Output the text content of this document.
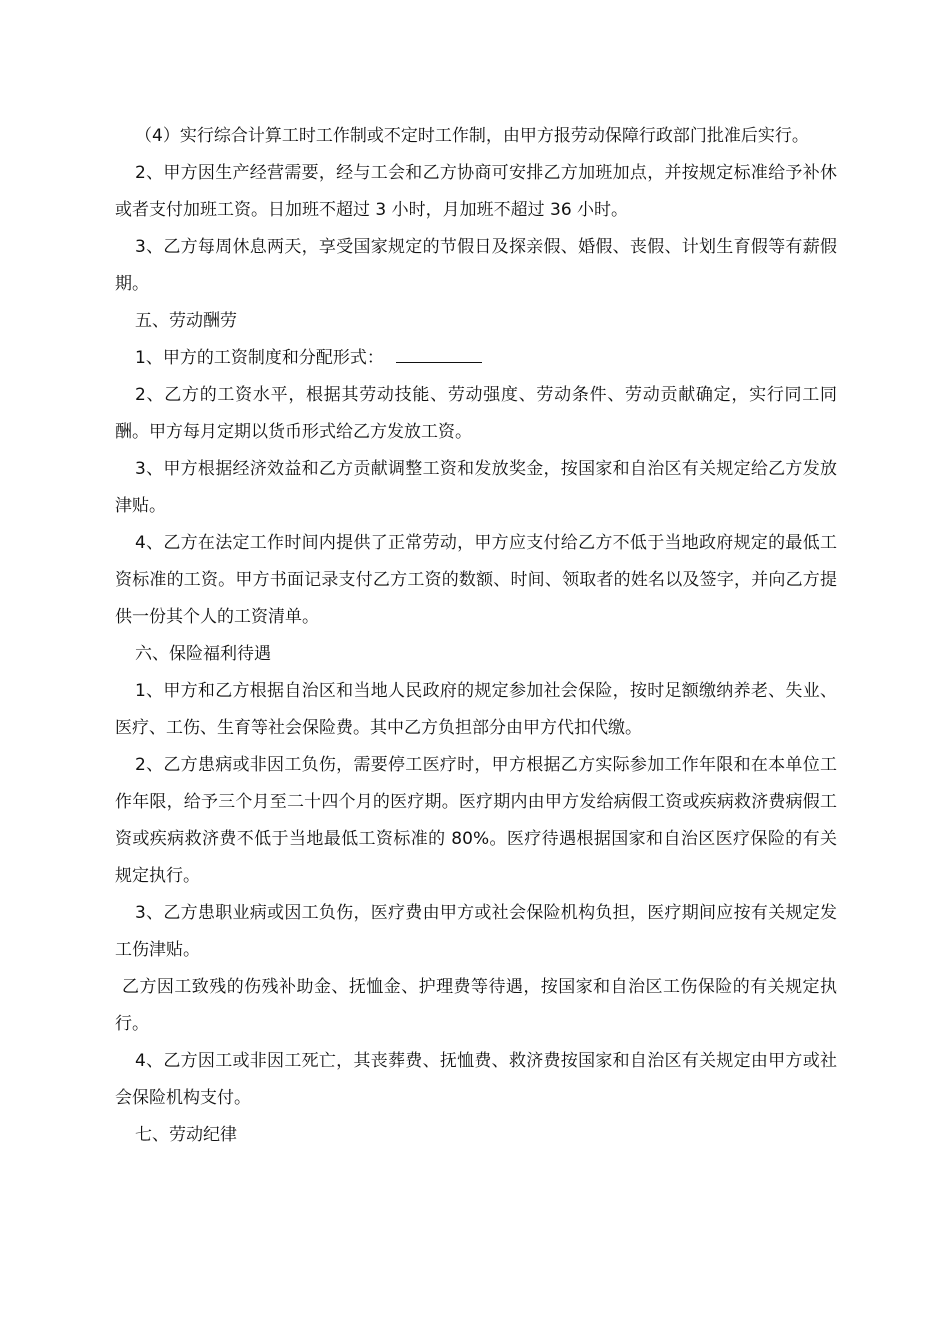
（4）实行综合计算工时工作制或不定时工作制，由甲方报劳动保障行政部门批准后实行。

2、甲方因生产经营需要，经与工会和乙方协商可安排乙方加班加点，并按规定标准给予补休或者支付加班工资。日加班不超过 3 小时，月加班不超过 36 小时。

3、乙方每周休息两天，享受国家规定的节假日及探亲假、婚假、丧假、计划生育假等有薪假期。

五、劳动酬劳

1、甲方的工资制度和分配形式：

2、乙方的工资水平，根据其劳动技能、劳动强度、劳动条件、劳动贡献确定，实行同工同酬。甲方每月定期以货币形式给乙方发放工资。

3、甲方根据经济效益和乙方贡献调整工资和发放奖金，按国家和自治区有关规定给乙方发放津贴。

4、乙方在法定工作时间内提供了正常劳动，甲方应支付给乙方不低于当地政府规定的最低工资标准的工资。甲方书面记录支付乙方工资的数额、时间、领取者的姓名以及签字，并向乙方提供一份其个人的工资清单。

六、保险福利待遇

1、甲方和乙方根据自治区和当地人民政府的规定参加社会保险，按时足额缴纳养老、失业、医疗、工伤、生育等社会保险费。其中乙方负担部分由甲方代扣代缴。

2、乙方患病或非因工负伤，需要停工医疗时，甲方根据乙方实际参加工作年限和在本单位工作年限，给予三个月至二十四个月的医疗期。医疗期内由甲方发给病假工资或疾病救济费病假工资或疾病救济费不低于当地最低工资标准的 80%。医疗待遇根据国家和自治区医疗保险的有关规定执行。

3、乙方患职业病或因工负伤，医疗费由甲方或社会保险机构负担，医疗期间应按有关规定发工伤津贴。

乙方因工致残的伤残补助金、抚恤金、护理费等待遇，按国家和自治区工伤保险的有关规定执行。

4、乙方因工或非因工死亡，其丧葬费、抚恤费、救济费按国家和自治区有关规定由甲方或社会保险机构支付。

七、劳动纪律
